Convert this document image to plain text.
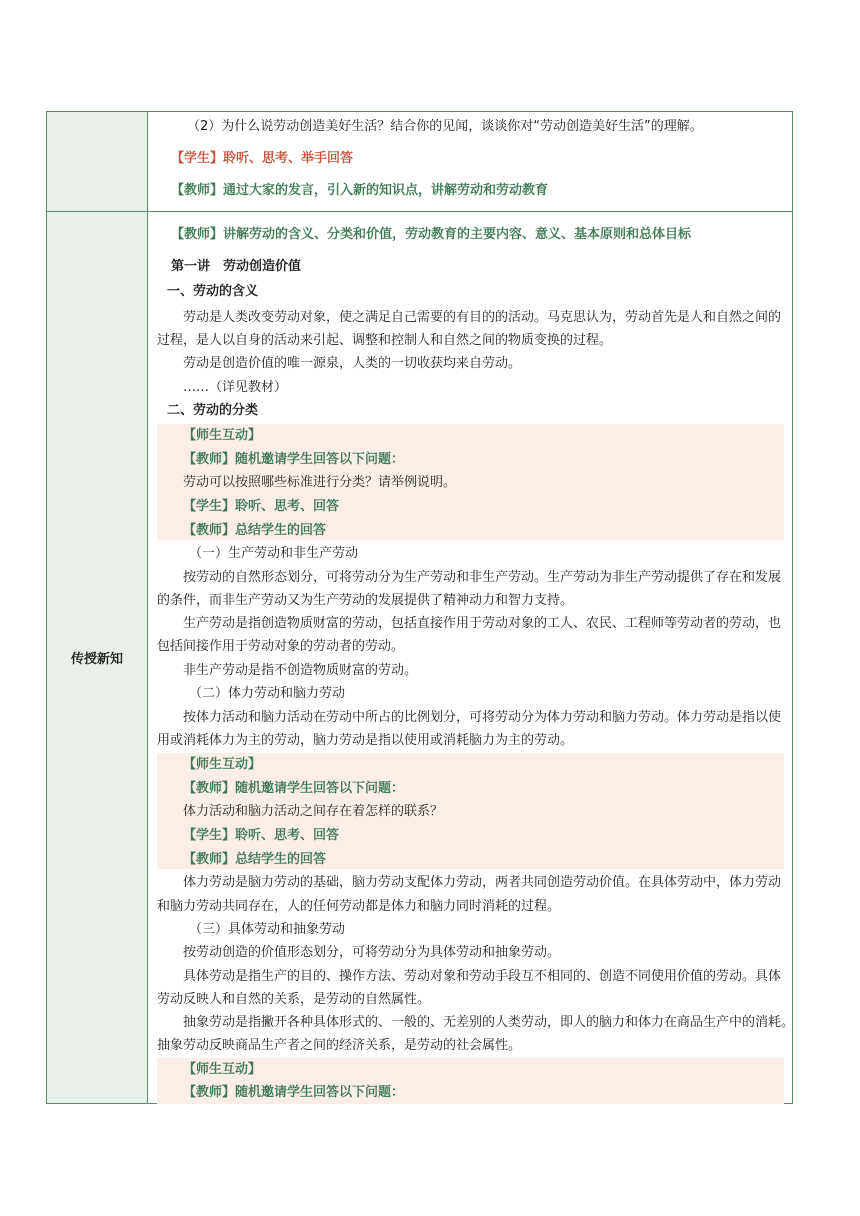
（2）为什么说劳动创造美好生活？结合你的见闻，谈谈你对“劳动创造美好生活”的理解。
【学生】聆听、思考、举手回答
【教师】通过大家的发言，引入新的知识点，讲解劳动和劳动教育
传授新知
【教师】讲解劳动的含义、分类和价值，劳动教育的主要内容、意义、基本原则和总体目标
第一讲　劳动创造价值
一、劳动的含义
劳动是人类改变劳动对象，使之满足自己需要的有目的的活动。马克思认为，劳动首先是人和自然之间的
过程，是人以自身的活动来引起、调整和控制人和自然之间的物质变换的过程。
劳动是创造价值的唯一源泉，人类的一切收获均来自劳动。
……（详见教材）
二、劳动的分类
【师生互动】
【教师】随机邀请学生回答以下问题：
劳动可以按照哪些标准进行分类？请举例说明。
【学生】聆听、思考、回答
【教师】总结学生的回答
（一）生产劳动和非生产劳动
按劳动的自然形态划分，可将劳动分为生产劳动和非生产劳动。生产劳动为非生产劳动提供了存在和发展
的条件，而非生产劳动又为生产劳动的发展提供了精神动力和智力支持。
生产劳动是指创造物质财富的劳动，包括直接作用于劳动对象的工人、农民、工程师等劳动者的劳动，也
包括间接作用于劳动对象的劳动者的劳动。
非生产劳动是指不创造物质财富的劳动。
（二）体力劳动和脑力劳动
按体力活动和脑力活动在劳动中所占的比例划分，可将劳动分为体力劳动和脑力劳动。体力劳动是指以使
用或消耗体力为主的劳动，脑力劳动是指以使用或消耗脑力为主的劳动。
【师生互动】
【教师】随机邀请学生回答以下问题：
体力活动和脑力活动之间存在着怎样的联系？
【学生】聆听、思考、回答
【教师】总结学生的回答
体力劳动是脑力劳动的基础，脑力劳动支配体力劳动，两者共同创造劳动价值。在具体劳动中，体力劳动
和脑力劳动共同存在，人的任何劳动都是体力和脑力同时消耗的过程。
（三）具体劳动和抽象劳动
按劳动创造的价值形态划分，可将劳动分为具体劳动和抽象劳动。
具体劳动是指生产的目的、操作方法、劳动对象和劳动手段互不相同的、创造不同使用价值的劳动。具体
劳动反映人和自然的关系，是劳动的自然属性。
抽象劳动是指撇开各种具体形式的、一般的、无差别的人类劳动，即人的脑力和体力在商品生产中的消耗。
抽象劳动反映商品生产者之间的经济关系，是劳动的社会属性。
【师生互动】
【教师】随机邀请学生回答以下问题：
